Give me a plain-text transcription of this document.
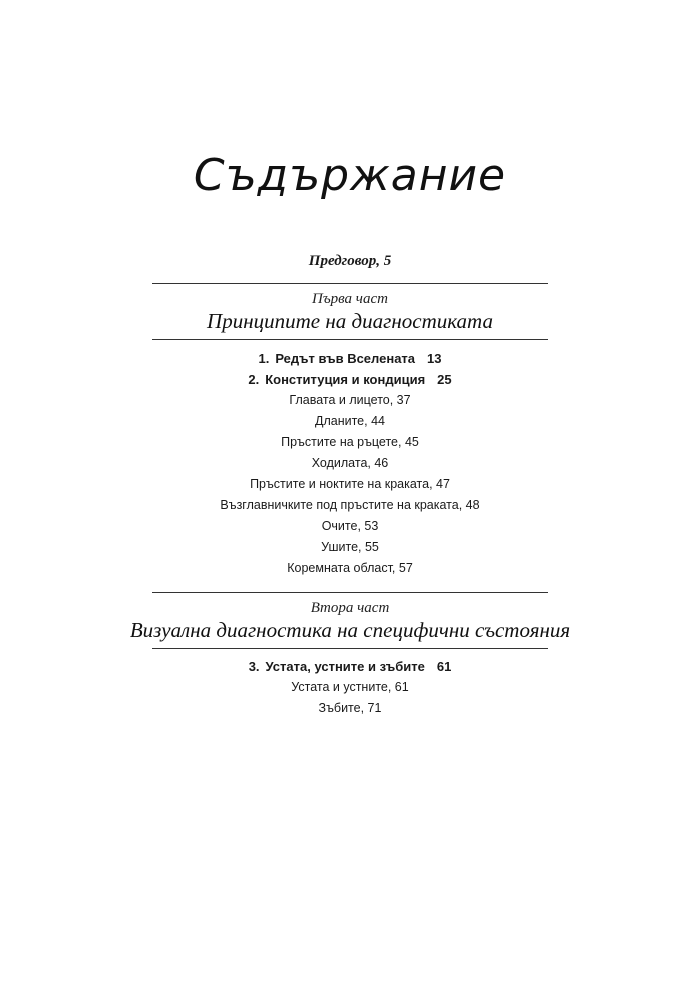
Съдържание
Предговор, 5
Първа част
Принципите на диагностиката
1. Редът във Вселената 13
2. Конституция и кондиция 25
Главата и лицето, 37
Дланите, 44
Пръстите на ръцете, 45
Ходилата, 46
Пръстите и ноктите на краката, 47
Възглавничките под пръстите на краката, 48
Очите, 53
Ушите, 55
Коремната област, 57
Втора част
Визуална диагностика на специфични състояния
3. Устата, устните и зъбите 61
Устата и устните, 61
Зъбите, 71
